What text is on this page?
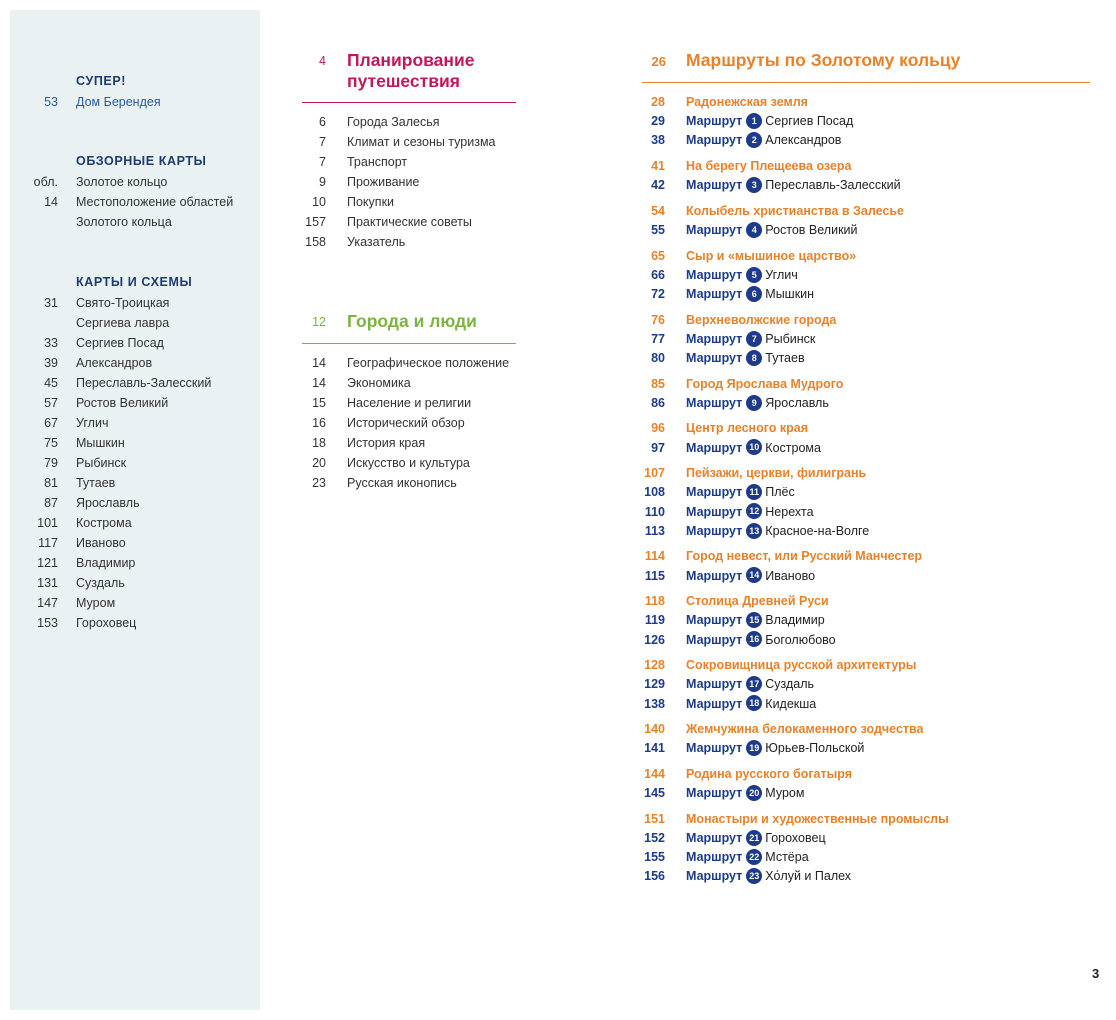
СУПЕР!
53 Дом Берендея
ОБЗОРНЫЕ КАРТЫ
обл. Золотое кольцо
14 Местоположение областей
Золотого кольца
КАРТЫ И СХЕМЫ
31 Свято-Троицкая
Сергиева лавра
33 Сергиев Посад
39 Александров
45 Переславль-Залесский
57 Ростов Великий
67 Углич
75 Мышкин
79 Рыбинск
81 Тутаев
87 Ярославль
101 Кострома
117 Иваново
121 Владимир
131 Суздаль
147 Муром
153 Гороховец
4 Планирование
путешествия
6 Города Залесья
7 Климат и сезоны туризма
7 Транспорт
9 Проживание
10 Покупки
157 Практические советы
158 Указатель
12 Города и люди
14 Географическое положение
14 Экономика
15 Население и религии
16 Исторический обзор
18 История края
20 Искусство и культура
23 Русская иконопись
26 Маршруты по Золотому кольцу
28 Радонежская земля
29 Маршрут 1 Сергиев Посад
38 Маршрут 2 Александров
41 На берегу Плещеева озера
42 Маршрут 3 Переславль-Залесский
54 Колыбель христианства в Залесье
55 Маршрут 4 Ростов Великий
65 Сыр и «мышиное царство»
66 Маршрут 5 Углич
72 Маршрут 6 Мышкин
76 Верхневолжские города
77 Маршрут 7 Рыбинск
80 Маршрут 8 Тутаев
85 Город Ярослава Мудрого
86 Маршрут 9 Ярославль
96 Центр лесного края
97 Маршрут 10 Кострома
107 Пейзажи, церкви, филигрань
108 Маршрут 11 Плёс
110 Маршрут 12 Нерехта
113 Маршрут 13 Красное-на-Волге
114 Город невест, или Русский Манчестер
115 Маршрут 14 Иваново
118 Столица Древней Руси
119 Маршрут 15 Владимир
126 Маршрут 16 Боголюбово
128 Сокровищница русской архитектуры
129 Маршрут 17 Суздаль
138 Маршрут 18 Кидекша
140 Жемчужина белокаменного зодчества
141 Маршрут 19 Юрьев-Польской
144 Родина русского богатыря
145 Маршрут 20 Муром
151 Монастыри и художественные промыслы
152 Маршрут 21 Гороховец
155 Маршрут 22 Мстёра
156 Маршрут 23 Хо́луй и Палех
3
